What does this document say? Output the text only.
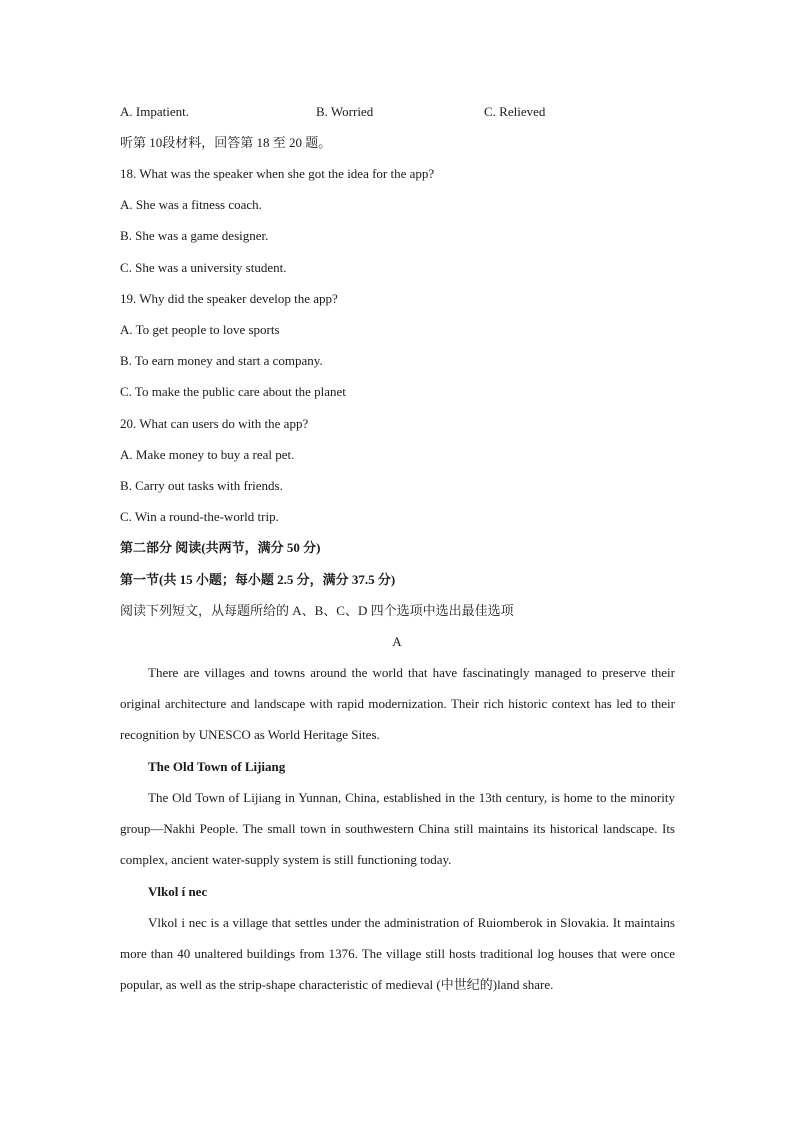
A. Impatient.	B. Worried	C. Relieved
听第 10段材料，回答第 18 至 20 题。
18. What was the speaker when she got the idea for the app?
A. She was a fitness coach.
B. She was a game designer.
C. She was a university student.
19. Why did the speaker develop the app?
A. To get people to love sports
B. To earn money and start a company.
C. To make the public care about the planet
20. What can users do with the app?
A. Make money to buy a real pet.
B. Carry out tasks with friends.
C. Win a round-the-world trip.
第二部分 阅读(共两节，满分 50 分)
第一节(共 15 小题；每小题 2.5 分，满分 37.5 分)
阅读下列短文，从每题所给的 A、B、C、D 四个选项中选出最佳选项
A

There are villages and towns around the world that have fascinatingly managed to preserve their original architecture and landscape with rapid modernization. Their rich historic context has led to their recognition by UNESCO as World Heritage Sites.

The Old Town of Lijiang

The Old Town of Lijiang in Yunnan, China, established in the 13th century, is home to the minority group—Nakhi People. The small town in southwestern China still maintains its historical landscape. Its complex, ancient water-supply system is still functioning today.

Vlkol í nec

Vlkol i nec is a village that settles under the administration of Ruiomberok in Slovakia. It maintains more than 40 unaltered buildings from 1376. The village still hosts traditional log houses that were once popular, as well as the strip-shape characteristic of medieval (中世纪的)land share.
